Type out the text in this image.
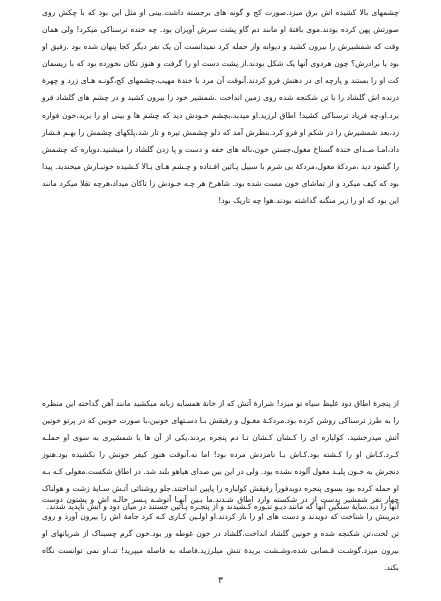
چشمهای بالا کشیده اش برق میزد.صورت کج و گونه های برجسته داشت.بینی او مثل این بود که با چکش روی صورتش پهن کرده بودند.موی بافتهٔ او مانند دم گاو پشت سرش آویزان بود. چه خنده ترسناکی میکرد! ولی همان وقت که شمشیرش را بیرون کشید و دیوانه وار حمله کرد نمیدانست آن یک نفر دیگر کجا پنهان شده بود .رفیق او بود یا برادرش؟ چون هردوی آنها یک شکل بودند.از پشت دست او را گرفت و هنوز تکان نخورده بود که با ریسمان کت او را بستند و پارچه ای در دهنش فرو کردند.آنوقت آن مرد با خندهٔ مهیب،چشمهای کج،گونـه هـای زرد و چهرهٔ درنده اش گلشاد را با تن شکنجه شده روی زمین انداخت .شمشیر خود را بیرون کشید و در چشم های گلشاد فرو برد.او،چه فریاد ترسناکی کشید! اطاق لرزید.او میدید،بچشم خـودش دید که چشم ها و بینی او را برید،خون فواره زد،بعد شمشیرش را در شکم او فرو کرد.بنظرش آمد که دلو چشمش تیره و تار شد،پلکهای چشمش را بهـم فـشار داد،امـا صـدای خندهٔ گستاخ مغول،جستن خون،ناله های خفه و دست و پا زدن گلشاد را میشنید.دوباره که چشمش را گشود دید ،مردکهٔ مغول،مردکهٔ بی شرم با سبیل پـائین افـتاده و چـشم هـای بـالا کـشیده خونبـارش میخندید. پیدا بود که کیف میکرد و از تماشای خون مست شده بود. شاهرخ هر چـه خـودش را تاکان میداد،هرچه تقلا میکرد مانند این بود که او را زیر منگنه گذاشته بودند.هوا چه تاریک بود!

از پنجرهٔ اطاق دود غلیظ سیاه تو میزد! شرارهٔ آتش که از خانهٔ همسایه زبانه میکشید مانند آهن گداخته این منظره را به طرز ترسناکی روشن کرده بود.مردکـهٔ مغـول و رفیقش بـا دسـتهای خونین،با صورت خونین که در پرتو خونین آتش میدرخشید، کولباره ای را کـشان کـشان تـا دم پنجره بردند.یکی از آن ها با شمشیری به سوی او حملـه کـرد.کـاش او را کـشته بود.کـاش بـا نامزدش مرده بود! اما نه.آنوقت هنوز کیفر خونش را نکشیده بود.هنوز دنجرش به خـون پلیـد مغول آلوده نشده بود. ولی در این بین صدای هیاهو بلند شد. در اطاق شکست.مغولی کـه بـه او حمله کرده بود بسوی پنجره دویدفوراً رفیقش کولباره را پایین انداختند.جلو روشنائی آتـش سـایهٔ زشت و هولناک آنها را دید.سایهٔ سنگین آنها که مانند دیـو تنـوره کـشیدند و از پنجـره پـائین جستند در میان دود و آتش ناپدید شدند.

چهار نفر شمشیر بدست از در شکسته وارد اطاق شـدند.ما بـین آنهـا آتوشـه پـسر خالـه اش و پشتون دوست دیرینش را شناخت که دویدند و دست های او را باز کردند.او اولـین کـاری کـه کرد جامهٔ اش را بیرون آورد و روی تن لخت،تن شکنجه شده و خونین گلشاد انداخت.گلشاد در خون غوطه ور بود.خون گرم چسبناک از شریانهای او بیرون میزد.گوشـت قـصابی شده،وشـشت بریده‌ٔ تنش میلرزید.فاصله به فاصله میپرید! تنـ،او نمی توانست نگاه بکند.

۳
